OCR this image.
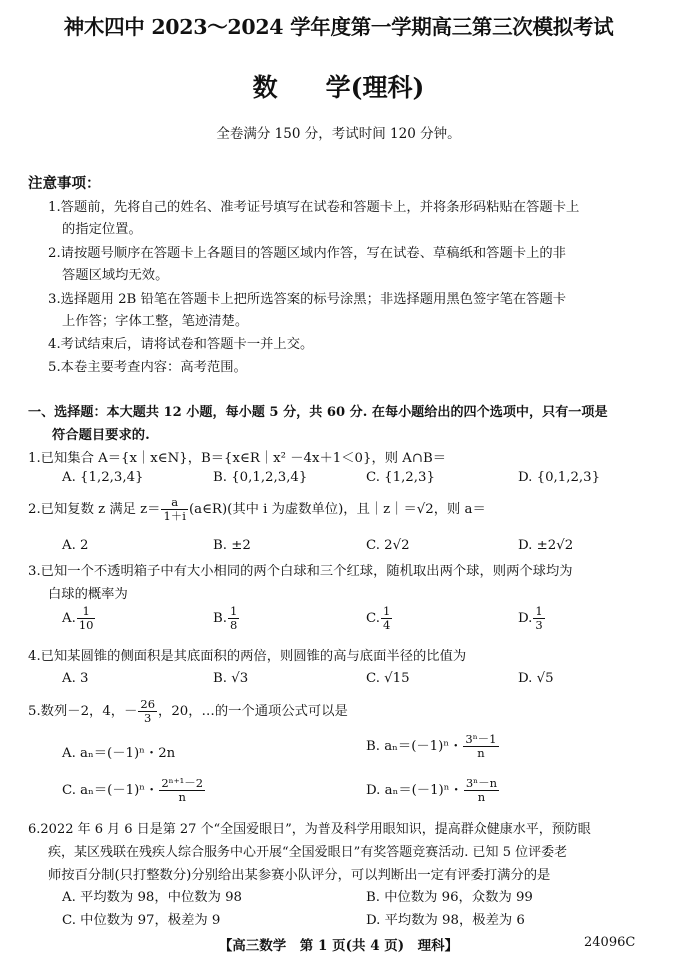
神木四中 2023～2024 学年度第一学期高三第三次模拟考试
数 学(理科)
全卷满分 150 分，考试时间 120 分钟。
注意事项：
1.答题前，先将自己的姓名、准考证号填写在试卷和答题卡上，并将条形码粘贴在答题卡上
的指定位置。
2.请按题号顺序在答题卡上各题目的答题区域内作答，写在试卷、草稿纸和答题卡上的非
答题区域均无效。
3.选择题用 2B 铅笔在答题卡上把所选答案的标号涂黑；非选择题用黑色签字笔在答题卡
上作答；字体工整，笔迹清楚。
4.考试结束后，请将试卷和答题卡一并上交。
5.本卷主要考查内容：高考范围。
一、选择题：本大题共 12 小题，每小题 5 分，共 60 分. 在每小题给出的四个选项中，只有一项是
符合题目要求的.
1.已知集合 A＝{x｜x∈N}，B＝{x∈R｜x² －4x＋1＜0}，则 A∩B＝
A. {1,2,3,4}	B. {0,1,2,3,4}	C. {1,2,3}	D. {0,1,2,3}
2.已知复数 z 满足 $z= \frac{a}{1+i}$ (a∈R)(其中 i 为虚数单位)，且｜z｜＝√2，则 a＝
A. 2	B. ±2	C. 2√2	D. ±2√2
3.已知一个不透明箱子中有大小相同的两个白球和三个红球，随机取出两个球，则两个球均为
白球的概率为
A. $\frac{1}{10}$	B. $\frac{1}{8}$	C. $\frac{1}{4}$	D. $\frac{1}{3}$
4.已知某圆锥的侧面积是其底面积的两倍，则圆锥的高与底面半径的比值为
A. 3	B. √3	C. √15	D. √5
5.数列－2，4，－ $\frac{26}{3}$ ，20，…的一个通项公式可以是
A. aₙ＝(－1)ⁿ・2n	B. aₙ＝(－1)ⁿ・ $\frac{\text{3ⁿ－1}}{n}$
C. aₙ＝(－1)ⁿ・ $\frac{\text{2ⁿ⁺¹－2}}{n}$	D. aₙ＝(－1)ⁿ・ $\frac{\text{3ⁿ－n}}{n}$
6.2022 年 6 月 6 日是第 27 个“全国爱眼日”，为普及科学用眼知识，提高群众健康水平，预防眼
疾，某区残联在残疾人综合服务中心开展“全国爱眼日”有奖答题竞赛活动. 已知 5 位评委老
师按百分制(只打整数分)分别给出某参赛小队评分，可以判断出一定有评委打满分的是
A. 平均数为 98，中位数为 98	B. 中位数为 96，众数为 99
C. 中位数为 97，极差为 9	D. 平均数为 98，极差为 6
【高三数学　第 1 页(共 4 页)　理科】	24096C
